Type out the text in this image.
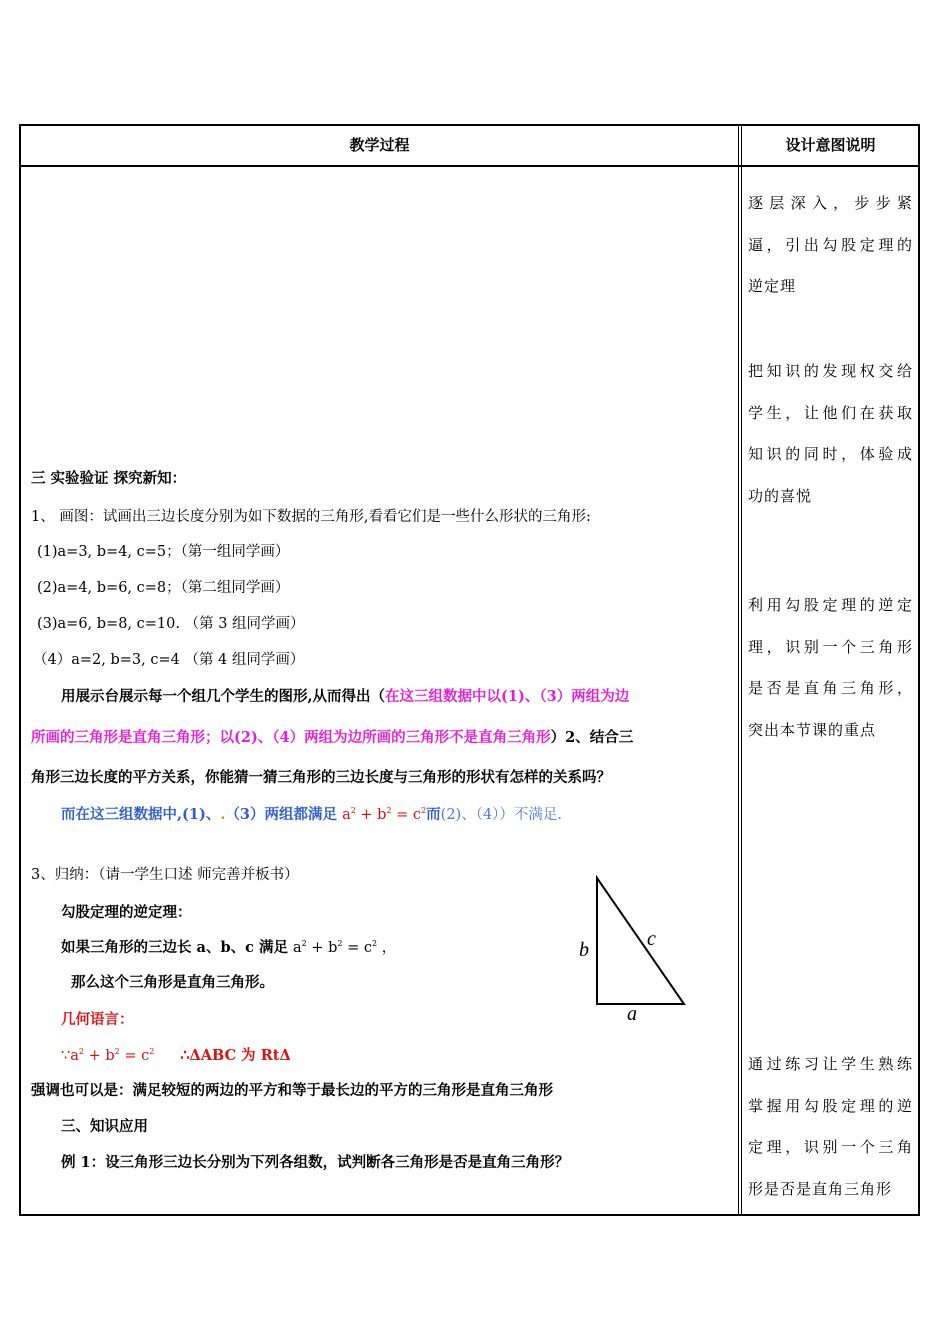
教学过程	设计意图说明
三 实验验证 探究新知：
1、 画图：试画出三边长度分别为如下数据的三角形,看看它们是一些什么形状的三角形:
(1)a=3, b=4, c=5；（第一组同学画）
(2)a=4, b=6, c=8；（第二组同学画）
(3)a=6, b=8, c=10. （第 3 组同学画）
（4）a=2, b=3, c=4 （第 4 组同学画）
用展示台展示每一个组几个学生的图形,从而得出（在这三组数据中以(1)、（3）两组为边
所画的三角形是直角三角形；以(2)、（4）两组为边所画的三角形不是直角三角形）2、结合三
角形三边长度的平方关系，你能猜一猜三角形的三边长度与三角形的形状有怎样的关系吗？
而在这三组数据中,(1)、.（3）两组都满足 $a^2 + b^2 = c^2$而(2)、（4））不满足.
3、归纳：（请一学生口述 师完善并板书）
勾股定理的逆定理：
如果三角形的三边长 a、b、c 满足 $a^2 + b^2 = c^2$ ，
那么这个三角形是直角三角形。
几何语言：
$\because a^2 + b^2 = c^2$ ∴ΔABC 为 RtΔ
强调也可以是：满足较短的两边的平方和等于最长边的平方的三角形是直角三角形
三、知识应用
例 1：设三角形三边长分别为下列各组数，试判断各三角形是否是直角三角形？
b	c
a
逐层深入，步步紧
逼，引出勾股定理的
逆定理
把知识的发现权交给
学生，让他们在获取
知识的同时，体验成
功的喜悦
利用勾股定理的逆定
理，识别一个三角形
是否是直角三角形，
突出本节课的重点
通过练习让学生熟练
掌握用勾股定理的逆
定理，识别一个三角
形是否是直角三角形
